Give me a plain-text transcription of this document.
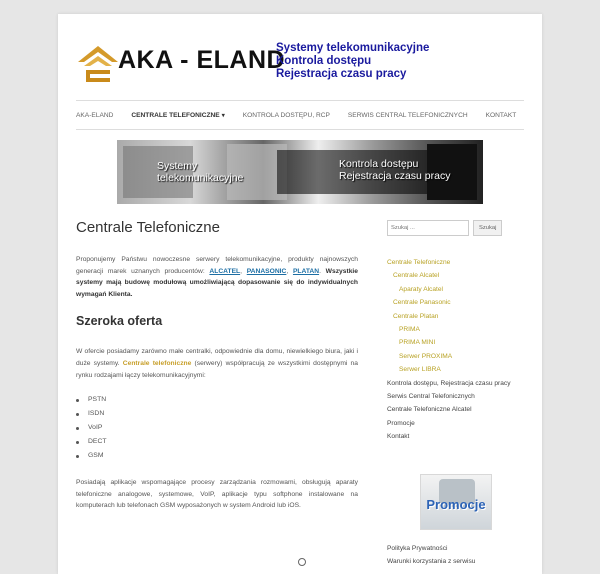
AKA - ELAND
Systemy telekomunikacyjne
Kontrola dostępu
Rejestracja czasu pracy
AKA-ELAND	CENTRALE TELEFONICZNE ▾	KONTROLA DOSTĘPU, RCP	SERWIS CENTRAL TELEFONICZNYCH	KONTAKT
Systemy
telekomunikacyjne
Kontrola dostępu
Rejestracja czasu pracy
Centrale Telefoniczne

Proponujemy Państwu nowoczesne serwery telekomunikacyjne, produkty najnowszych generacji marek uznanych producentów: ALCATEL, PANASONIC, PLATAN. Wszystkie systemy mają budowę modułową umożliwiającą dopasowanie się do indywidualnych wymagań Klienta.

Szeroka oferta

W ofercie posiadamy zarówno małe centralki, odpowiednie dla domu, niewielkiego biura, jaki i duże systemy. Centrale telefoniczne (serwery) współpracują ze wszystkimi dostępnymi na rynku rodzajami łączy telekomunikacyjnymi:

PSTN
ISDN
VoIP
DECT
GSM

Posiadają aplikacje wspomagające procesy zarządzania rozmowami, obsługują aparaty telefoniczne analogowe, systemowe, VoIP, aplikacje typu softphone instalowane na komputerach lub telefonach GSM wyposażonych w system Android lub iOS.

Szukaj ...
Szukaj
Centrale Telefoniczne
Centrale Alcatel
Aparaty Alcatel
Centrale Panasonic
Centrale Platan
PRIMA
PRIMA MINI
Serwer PROXIMA
Serwer LIBRA
Kontrola dostępu, Rejestracja czasu pracy
Serwis Central Telefonicznych
Centrale Telefoniczne Alcatel
Promocje
Kontakt
Promocje
Polityka Prywatności
Warunki korzystania z serwisu
